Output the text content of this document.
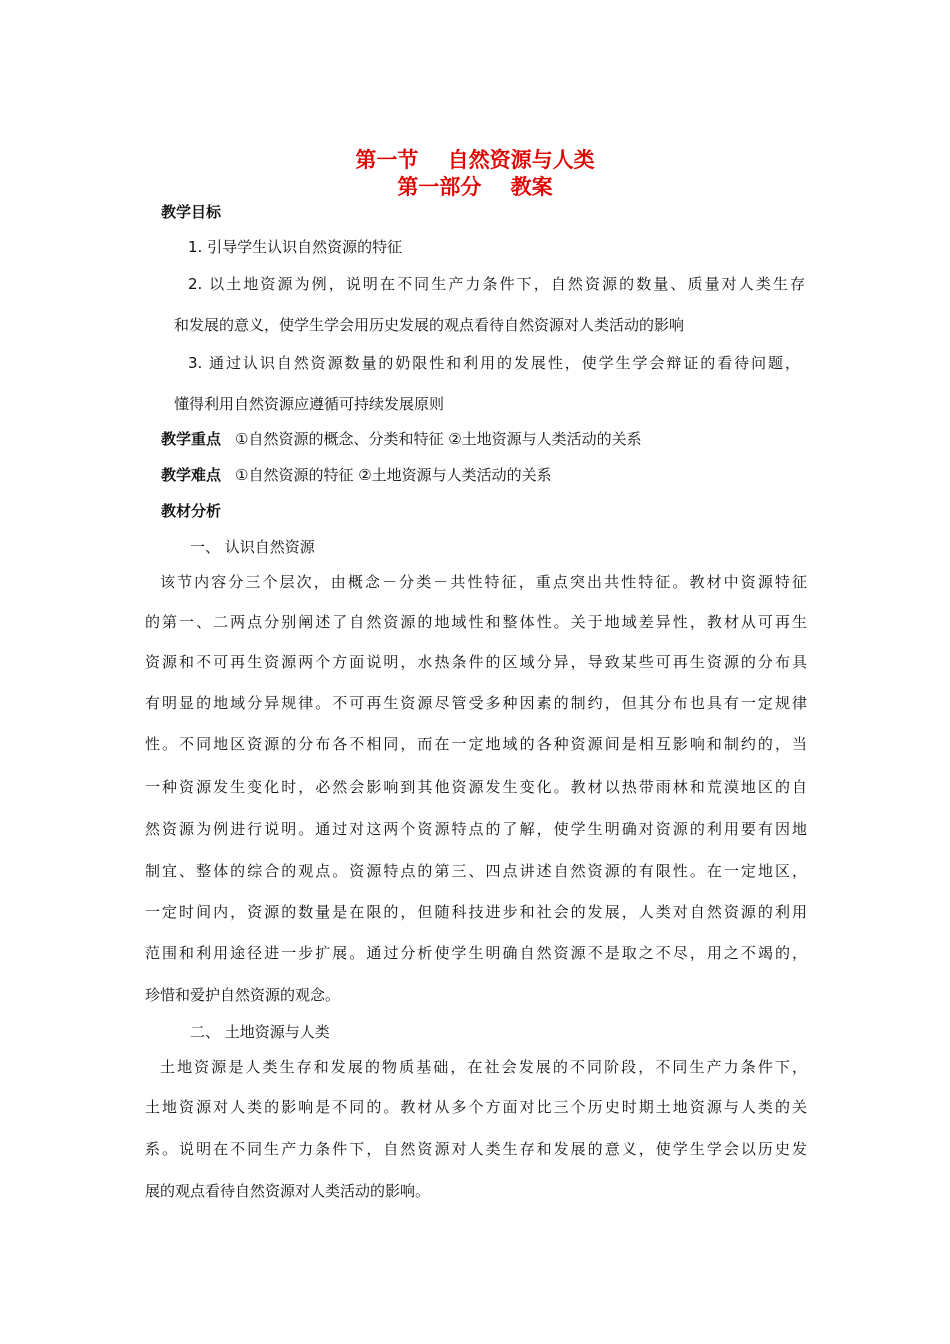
第一节    自然资源与人类
第一部分    教案
教学目标
1. 引导学生认识自然资源的特征
2. 以土地资源为例，说明在不同生产力条件下，自然资源的数量、质量对人类生存
和发展的意义，使学生学会用历史发展的观点看待自然资源对人类活动的影响
3. 通过认识自然资源数量的奶限性和利用的发展性，使学生学会辩证的看待问题，
懂得利用自然资源应遵循可持续发展原则
教学重点 ①自然资源的概念、分类和特征 ②土地资源与人类活动的关系
教学难点 ①自然资源的特征 ②土地资源与人类活动的关系
教材分析
一、 认识自然资源
该节内容分三个层次，由概念－分类－共性特征，重点突出共性特征。教材中资源特征
的第一、二两点分别阐述了自然资源的地域性和整体性。关于地域差异性，教材从可再生
资源和不可再生资源两个方面说明，水热条件的区域分异，导致某些可再生资源的分布具
有明显的地域分异规律。不可再生资源尽管受多种因素的制约，但其分布也具有一定规律
性。不同地区资源的分布各不相同，而在一定地域的各种资源间是相互影响和制约的，当
一种资源发生变化时，必然会影响到其他资源发生变化。教材以热带雨林和荒漠地区的自
然资源为例进行说明。通过对这两个资源特点的了解，使学生明确对资源的利用要有因地
制宜、整体的综合的观点。资源特点的第三、四点讲述自然资源的有限性。在一定地区，
一定时间内，资源的数量是在限的，但随科技进步和社会的发展，人类对自然资源的利用
范围和利用途径进一步扩展。通过分析使学生明确自然资源不是取之不尽，用之不竭的，
珍惜和爱护自然资源的观念。
二、 土地资源与人类
土地资源是人类生存和发展的物质基础，在社会发展的不同阶段，不同生产力条件下，
土地资源对人类的影响是不同的。教材从多个方面对比三个历史时期土地资源与人类的关
系。说明在不同生产力条件下，自然资源对人类生存和发展的意义，使学生学会以历史发
展的观点看待自然资源对人类活动的影响。
